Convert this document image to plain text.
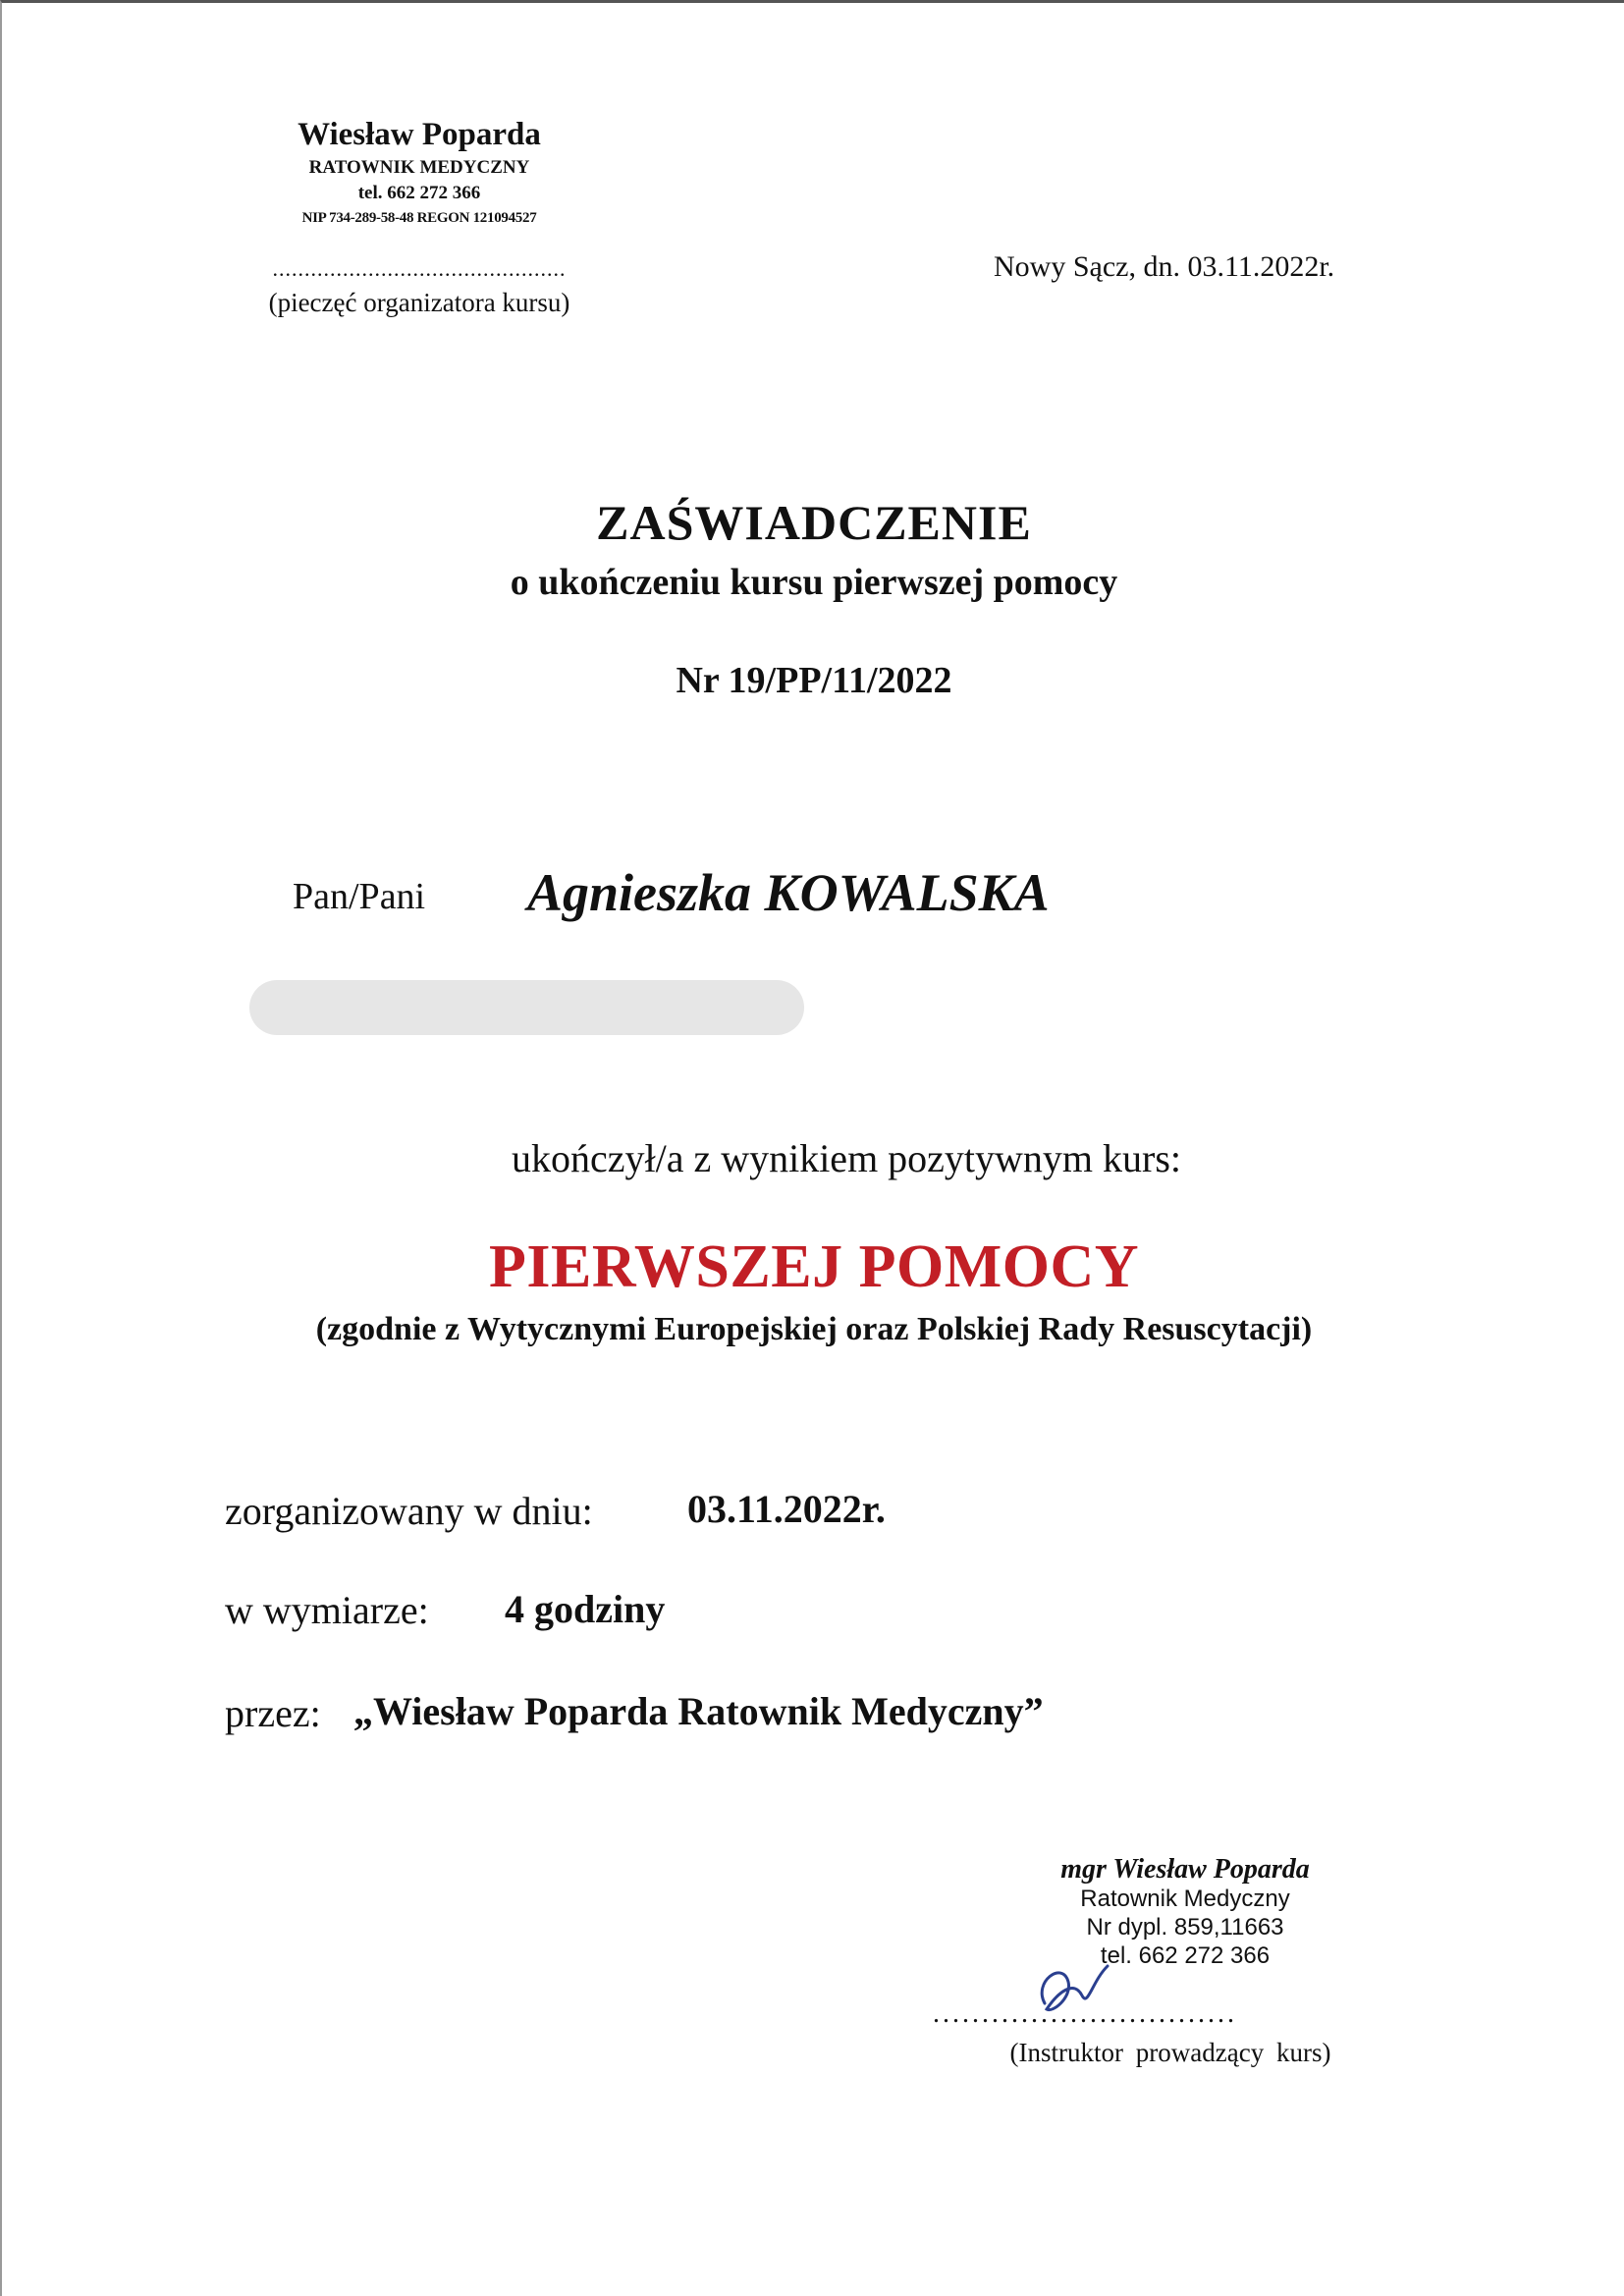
Wiesław Poparda
RATOWNIK MEDYCZNY
tel. 662 272 366
NIP 734-289-58-48 REGON 121094527
..............................................
(pieczęć organizatora kursu)
Nowy Sącz, dn. 03.11.2022r.
ZAŚWIADCZENIE
o ukończeniu kursu pierwszej pomocy
Nr 19/PP/11/2022
Pan/Pani Agnieszka KOWALSKA
ukończył/a z wynikiem pozytywnym kurs:
PIERWSZEJ POMOCY
(zgodnie z Wytycznymi Europejskiej oraz Polskiej Rady Resuscytacji)
zorganizowany w dniu: 03.11.2022r.
w wymiarze: 4 godziny
przez: „Wiesław Poparda Ratownik Medyczny”
mgr Wiesław Poparda
Ratownik Medyczny
Nr dypl. 859,11663
tel. 662 272 366
...............................
(Instruktor prowadzący kurs)
